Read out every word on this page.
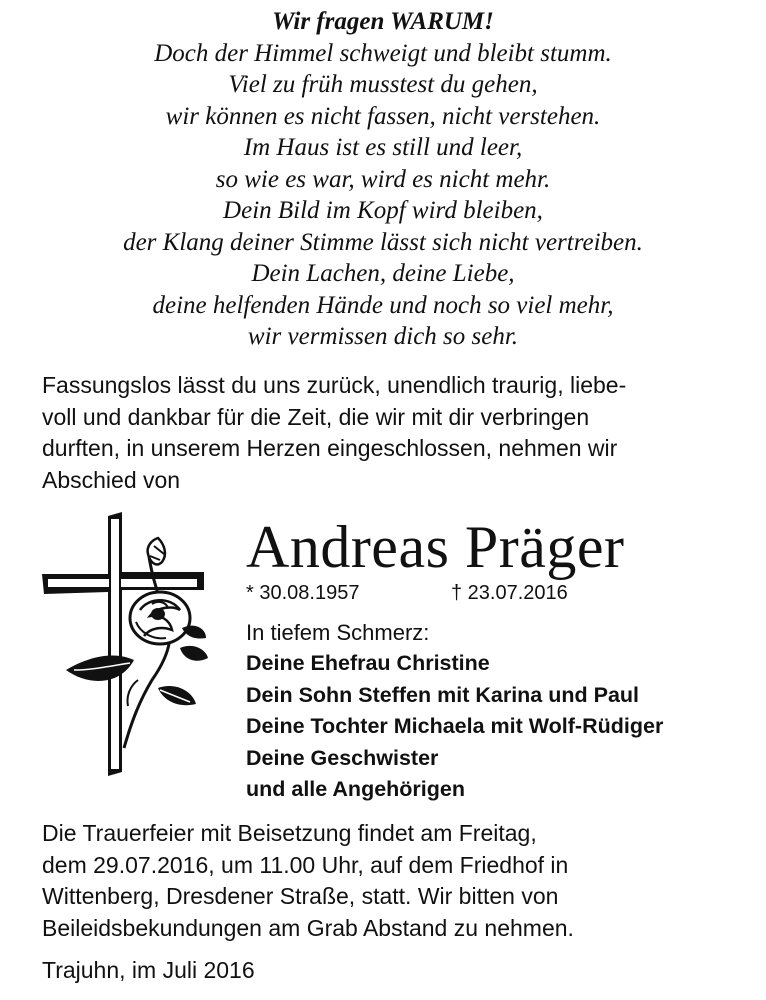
Wir fragen WARUM!
Doch der Himmel schweigt und bleibt stumm.
Viel zu früh musstest du gehen,
wir können es nicht fassen, nicht verstehen.
Im Haus ist es still und leer,
so wie es war, wird es nicht mehr.
Dein Bild im Kopf wird bleiben,
der Klang deiner Stimme lässt sich nicht vertreiben.
Dein Lachen, deine Liebe,
deine helfenden Hände und noch so viel mehr,
wir vermissen dich so sehr.
Fassungslos lässt du uns zurück, unendlich traurig, liebe-
voll und dankbar für die Zeit, die wir mit dir verbringen
durften, in unserem Herzen eingeschlossen, nehmen wir
Abschied von
Andreas Präger
* 30.08.1957	† 23.07.2016
In tiefem Schmerz:
Deine Ehefrau Christine
Dein Sohn Steffen mit Karina und Paul
Deine Tochter Michaela mit Wolf-Rüdiger
Deine Geschwister
und alle Angehörigen
Die Trauerfeier mit Beisetzung findet am Freitag,
dem 29.07.2016, um 11.00 Uhr, auf dem Friedhof in
Wittenberg, Dresdener Straße, statt. Wir bitten von
Beileidsbekundungen am Grab Abstand zu nehmen.
Trajuhn, im Juli 2016
